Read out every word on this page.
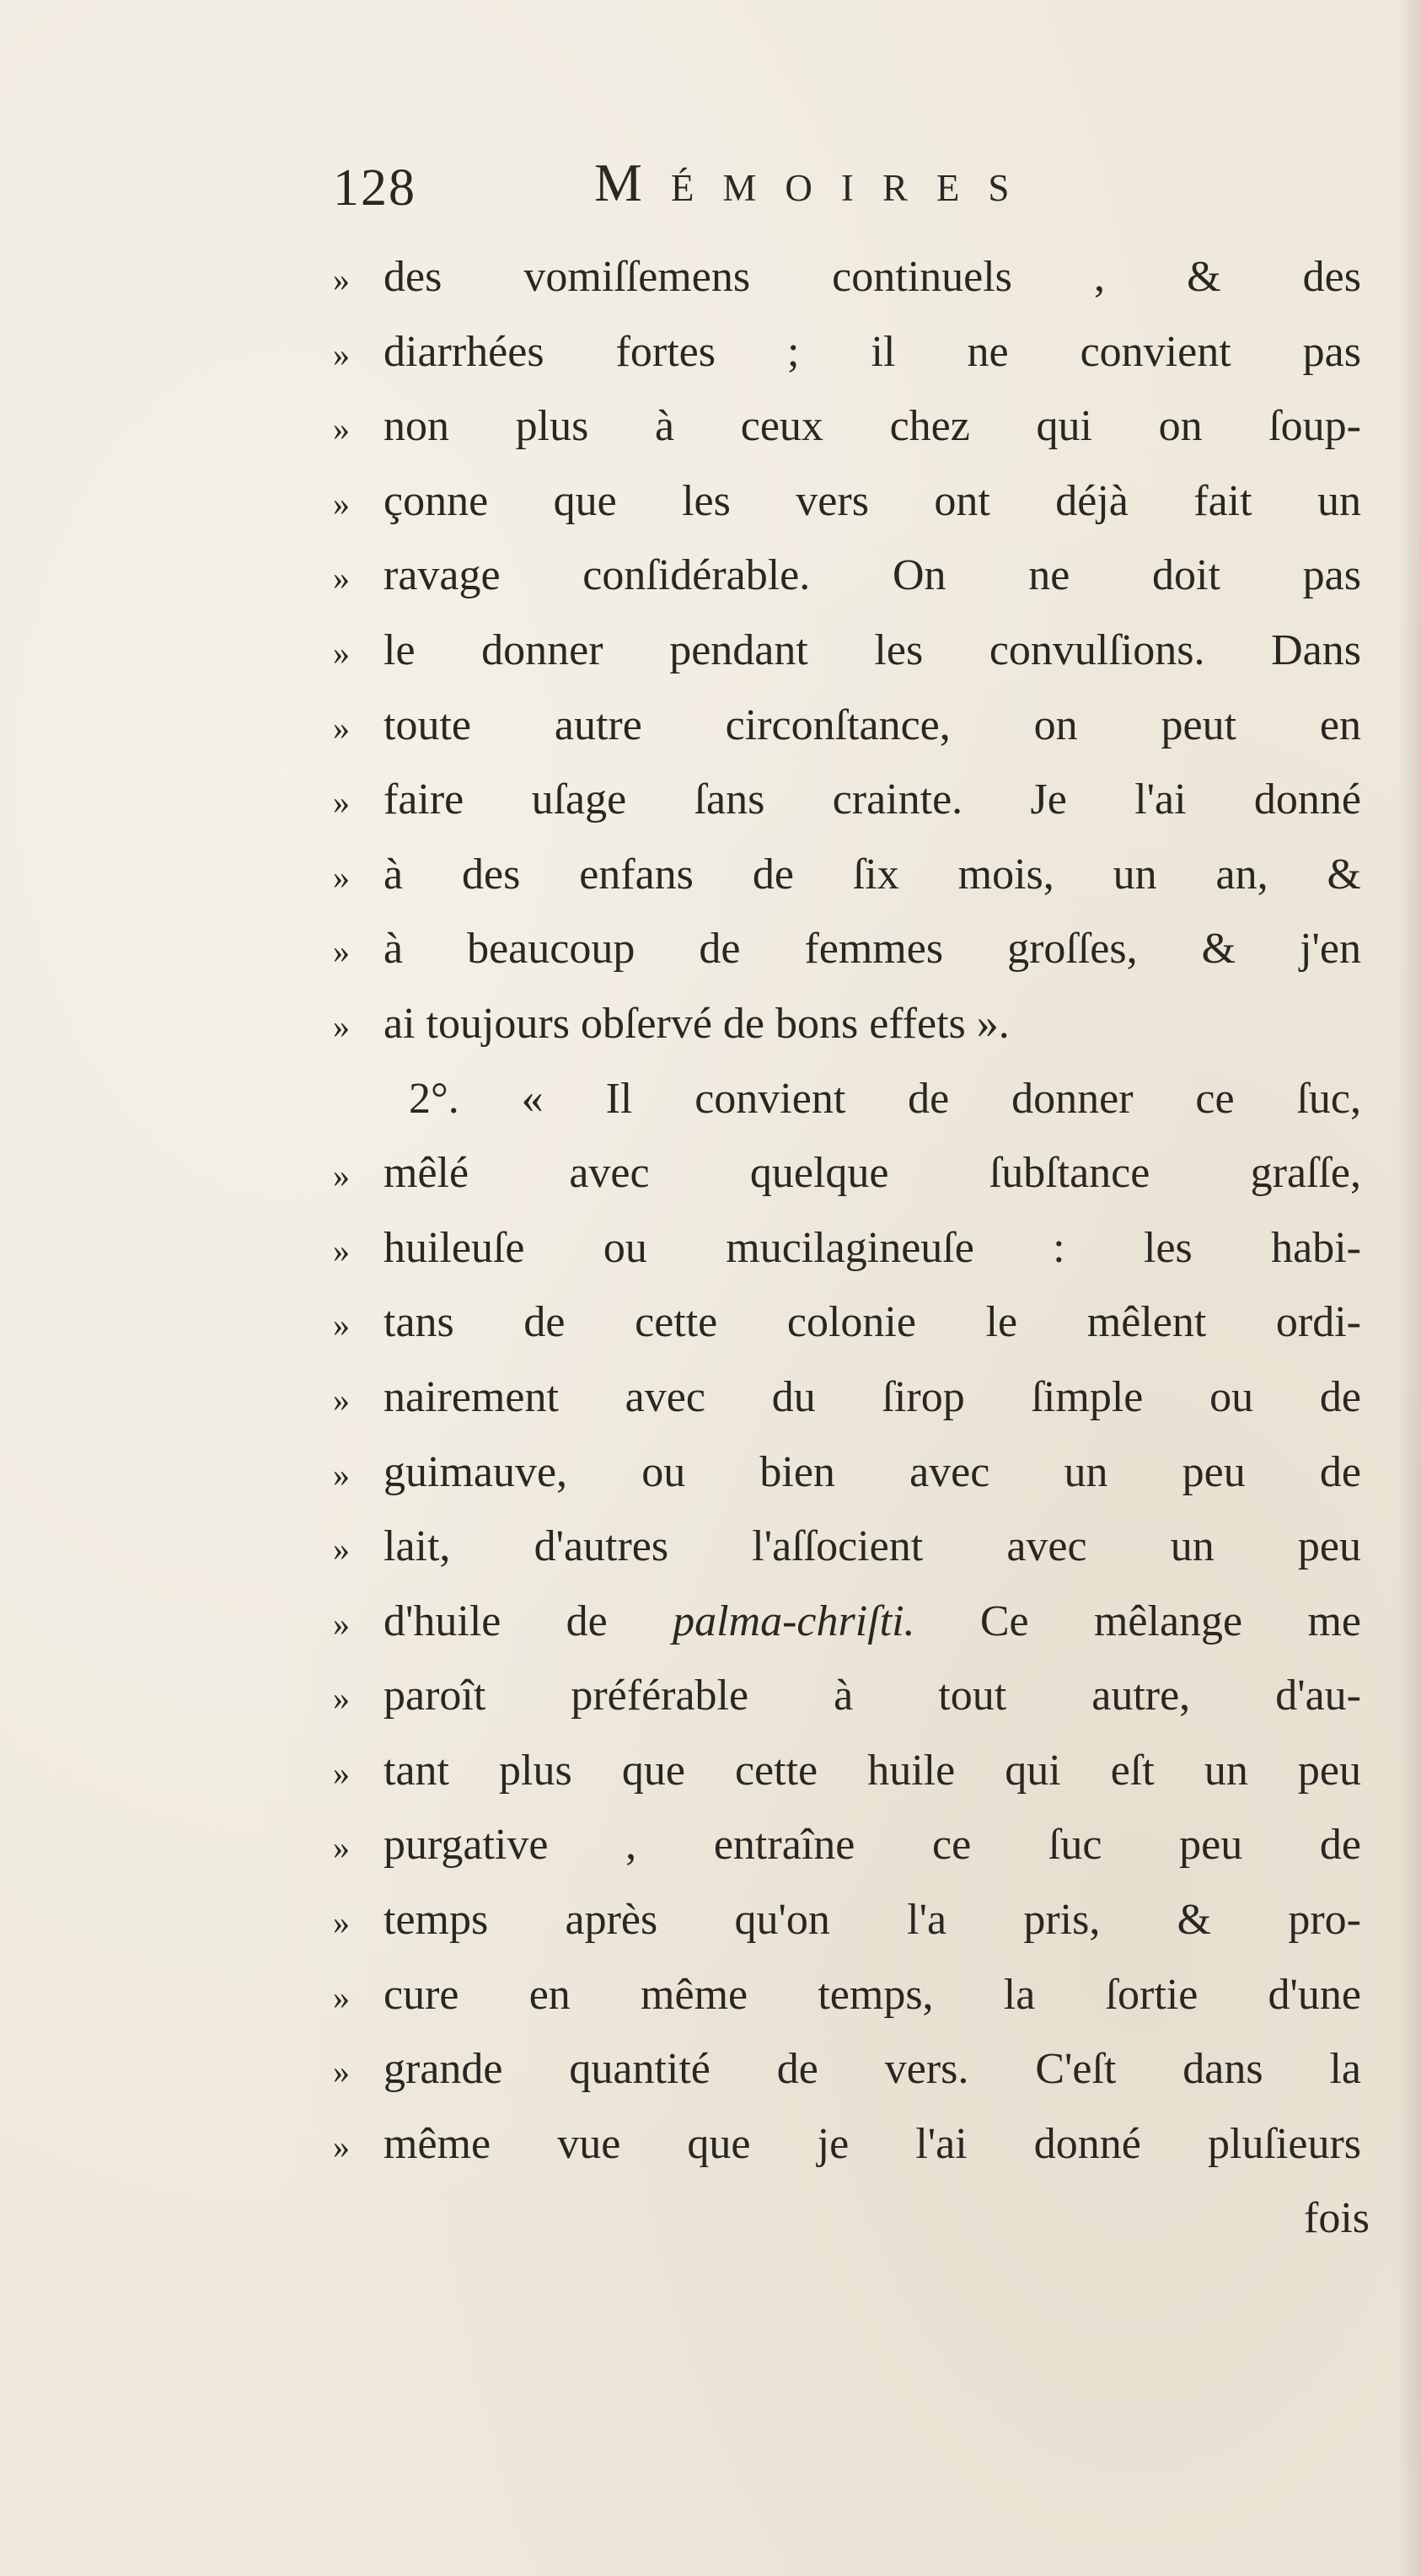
128	Mémoires
» des vomiſſemens continuels , & des
» diarrhées fortes ; il ne convient pas
» non plus à ceux chez qui on ſoup-
» çonne que les vers ont déjà fait un
» ravage conſidérable. On ne doit pas
» le donner pendant les convulſions. Dans
» toute autre circonſtance, on peut en
» faire uſage ſans crainte. Je l'ai donné
» à des enfans de ſix mois, un an, &
» à beaucoup de femmes groſſes, & j'en
» ai toujours obſervé de bons effets ».
2°. « Il convient de donner ce ſuc,
» mêlé avec quelque ſubſtance graſſe,
» huileuſe ou mucilagineuſe : les habi-
» tans de cette colonie le mêlent ordi-
» nairement avec du ſirop ſimple ou de
» guimauve, ou bien avec un peu de
» lait, d'autres l'aſſocient avec un peu
» d'huile de palma-chriſti. Ce mêlange me
» paroît préférable à tout autre, d'au-
» tant plus que cette huile qui eſt un peu
» purgative , entraîne ce ſuc peu de
» temps après qu'on l'a pris, & pro-
» cure en même temps, la ſortie d'une
» grande quantité de vers. C'eſt dans la
» même vue que je l'ai donné pluſieurs
fois
